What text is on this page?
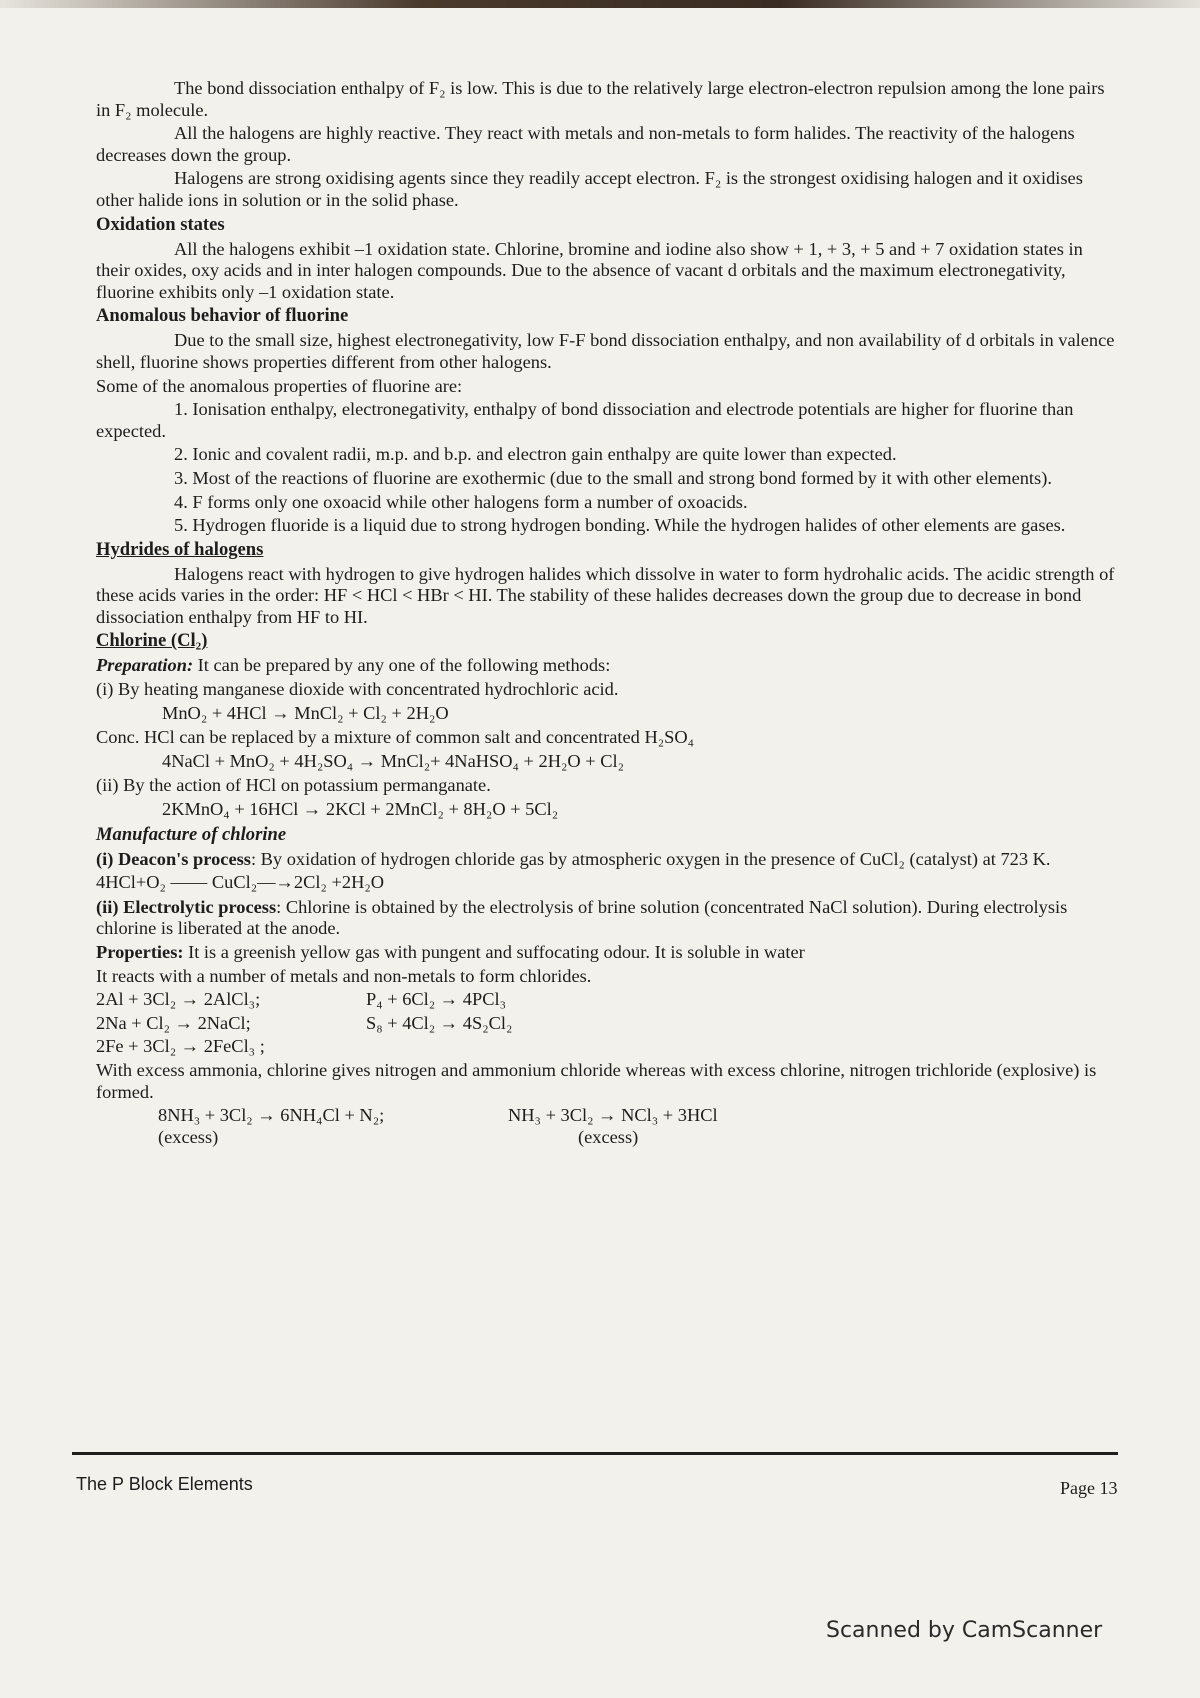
The bond dissociation enthalpy of F₂ is low. This is due to the relatively large electron-electron repulsion among the lone pairs in F₂ molecule.

All the halogens are highly reactive. They react with metals and non-metals to form halides. The reactivity of the halogens decreases down the group.

Halogens are strong oxidising agents since they readily accept electron. F₂ is the strongest oxidising halogen and it oxidises other halide ions in solution or in the solid phase.

Oxidation states

All the halogens exhibit –1 oxidation state. Chlorine, bromine and iodine also show + 1, + 3, + 5 and + 7 oxidation states in their oxides, oxy acids and in inter halogen compounds. Due to the absence of vacant d orbitals and the maximum electronegativity, fluorine exhibits only –1 oxidation state.

Anomalous behavior of fluorine

Due to the small size, highest electronegativity, low F-F bond dissociation enthalpy, and non availability of d orbitals in valence shell, fluorine shows properties different from other halogens.

Some of the anomalous properties of fluorine are:

1. Ionisation enthalpy, electronegativity, enthalpy of bond dissociation and electrode potentials are higher for fluorine than expected.

2. Ionic and covalent radii, m.p. and b.p. and electron gain enthalpy are quite lower than expected.

3. Most of the reactions of fluorine are exothermic (due to the small and strong bond formed by it with other elements).

4. F forms only one oxoacid while other halogens form a number of oxoacids.

5. Hydrogen fluoride is a liquid due to strong hydrogen bonding. While the hydrogen halides of other elements are gases.

Hydrides of halogens

Halogens react with hydrogen to give hydrogen halides which dissolve in water to form hydrohalic acids. The acidic strength of these acids varies in the order: HF < HCl < HBr < HI. The stability of these halides decreases down the group due to decrease in bond dissociation enthalpy from HF to HI.

Chlorine (Cl₂)

Preparation: It can be prepared by any one of the following methods:

(i) By heating manganese dioxide with concentrated hydrochloric acid.

MnO₂ + 4HCl → MnCl₂ + Cl₂ + 2H₂O

Conc. HCl can be replaced by a mixture of common salt and concentrated H₂SO₄

4NaCl + MnO₂ + 4H₂SO₄ → MnCl₂+ 4NaHSO₄ + 2H₂O + Cl₂

(ii) By the action of HCl on potassium permanganate.

2KMnO₄ + 16HCl → 2KCl + 2MnCl₂ + 8H₂O + 5Cl₂

Manufacture of chlorine

(i) Deacon's process: By oxidation of hydrogen chloride gas by atmospheric oxygen in the presence of CuCl₂ (catalyst) at 723 K.

4HCl+O₂ —— CuCl₂—→2Cl₂ +2H₂O

(ii) Electrolytic process: Chlorine is obtained by the electrolysis of brine solution (concentrated NaCl solution). During electrolysis chlorine is liberated at the anode.

Properties: It is a greenish yellow gas with pungent and suffocating odour. It is soluble in water

It reacts with a number of metals and non-metals to form chlorides.

2Al + 3Cl₂ → 2AlCl₃;	P₄ + 6Cl₂ → 4PCl₃
2Na + Cl₂ → 2NaCl;	S₈ + 4Cl₂ → 4S₂Cl₂
2Fe + 3Cl₂ → 2FeCl₃ ;

With excess ammonia, chlorine gives nitrogen and ammonium chloride whereas with excess chlorine, nitrogen trichloride (explosive) is formed.

8NH₃ + 3Cl₂ → 6NH₄Cl + N₂;	NH₃ + 3Cl₂ → NCl₃ + 3HCl
(excess)	(excess)
The P Block Elements	Page 13
Scanned by CamScanner
